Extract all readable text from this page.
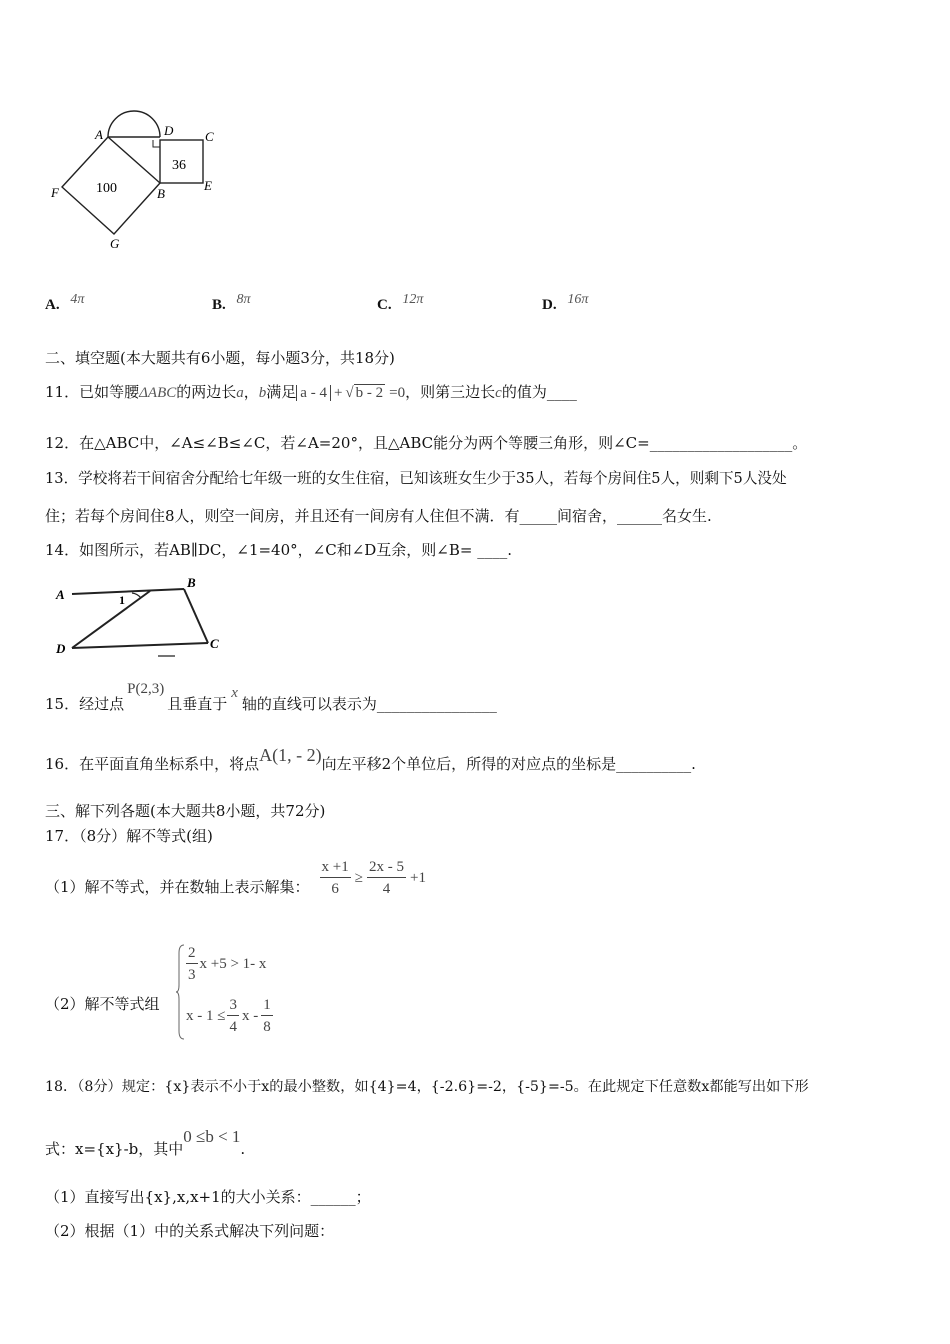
A	D C
F	B
E
G
100
36
A. 4π	B. 8π	C. 12π	D. 16π
二、填空题(本大题共有6小题，每小题3分，共18分)
11．已如等腰ΔABC的两边长a，b满足 a - 4 + √ b - 2 =0，则第三边长c的值为____
12．在△ABC中，∠A≤∠B≤∠C，若∠A=20°，且△ABC能分为两个等腰三角形，则∠C=___________________。
13．学校将若干间宿舍分配给七年级一班的女生住宿，已知该班女生少于35人，若每个房间住5人，则剩下5人没处
住；若每个房间住8人，则空一间房，并且还有一间房有人住但不满．有_____间宿舍，______名女生.
14．如图所示，若AB∥DC，∠1=40°，∠C和∠D互余，则∠B= ____.
A
B
C
D
1
15．经过点P(2,3)且垂直于x轴的直线可以表示为________________
16．在平面直角坐标系中，将点A(1, - 2)向左平移2个单位后，所得的对应点的坐标是__________.
三、解下列各题(本大题共8小题，共72分)
17．（8分）解不等式(组)
（1）解不等式，并在数轴上表示解集： $\frac{x +1}{6} \ge \frac{2x - 5}{4} +1$
（2）解不等式组
$\frac{2}{3}$ x +5 > 1- x
$x - 1 \le \frac{3}{4}$ x - $\frac{1}{8}$
18．（8分）规定：{x}表示不小于x的最小整数，如{4}=4，{-2.6}=-2，{-5}=-5。在此规定下任意数x都能写出如下形
式：x={x}-b，其中0 ≤b < 1.
（1）直接写出{x},x,x+1的大小关系：______；
（2）根据（1）中的关系式解决下列问题：
